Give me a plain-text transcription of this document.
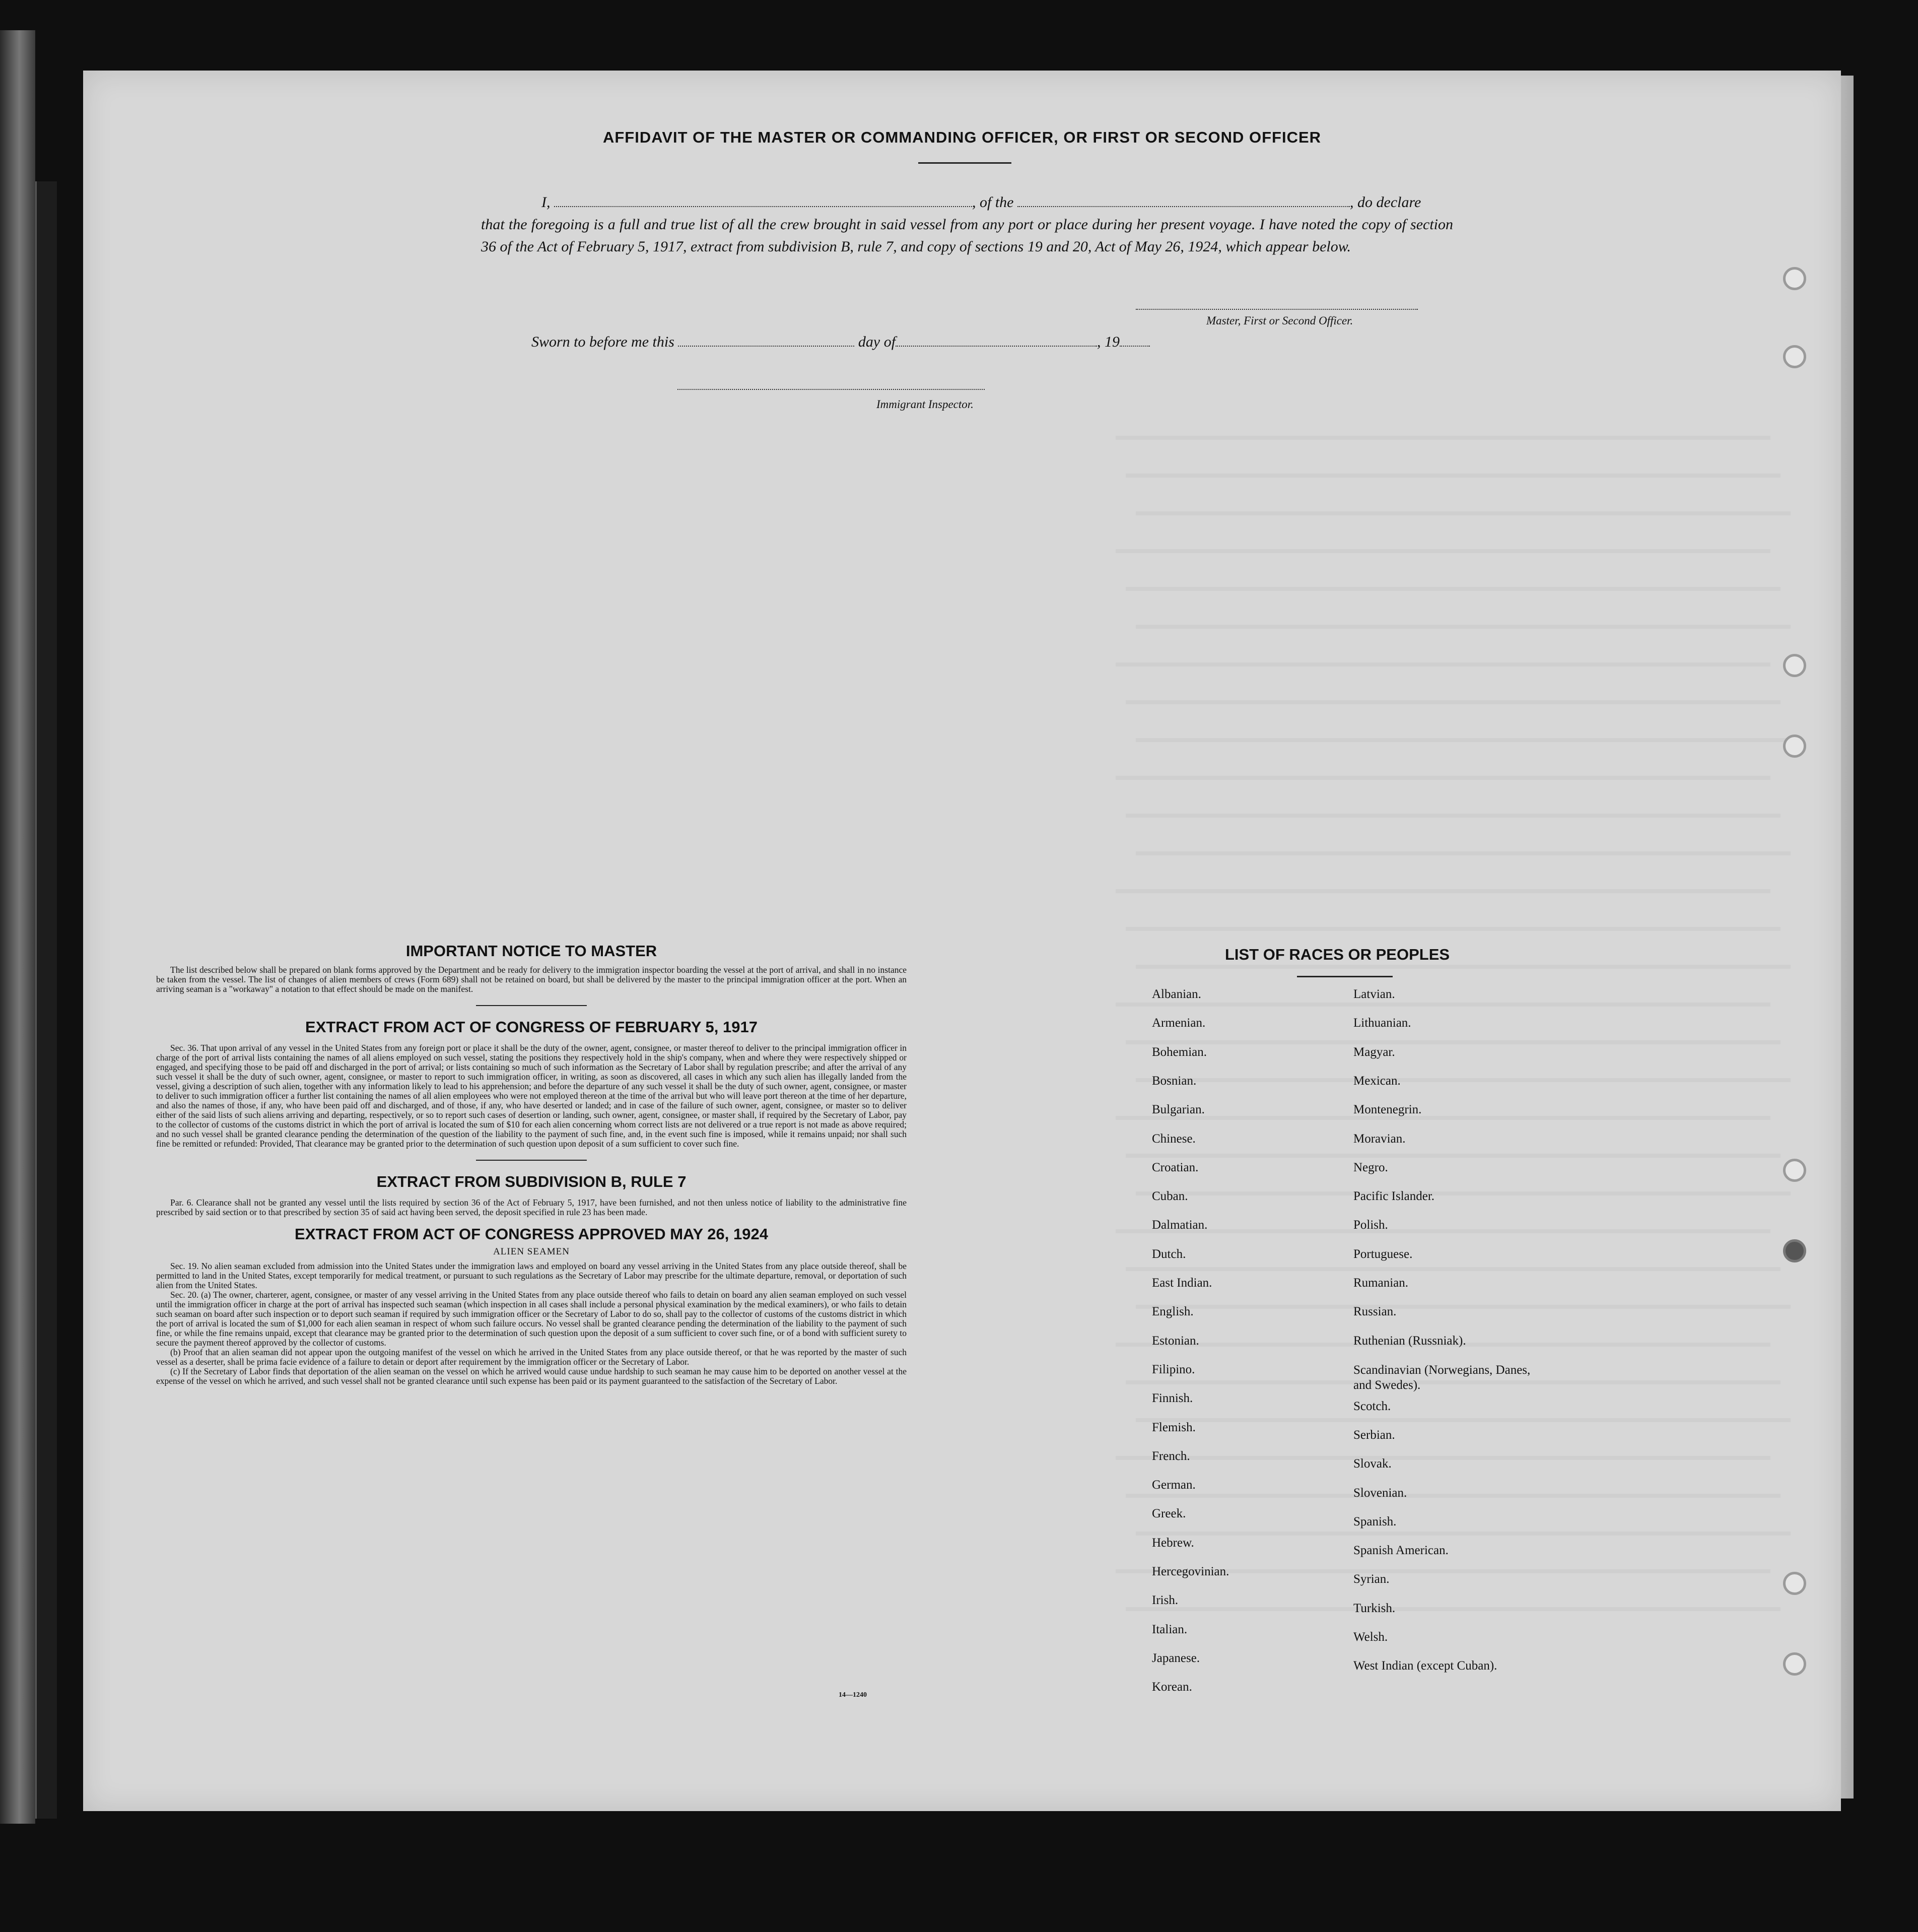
AFFIDAVIT OF THE MASTER OR COMMANDING OFFICER, OR FIRST OR SECOND OFFICER
I,	, of the	, do declare
that the foregoing is a full and true list of all the crew brought in said vessel from any port or place during her present voyage. I have noted the copy of section 36 of the Act of February 5, 1917, extract from subdivision B, rule 7, and copy of sections 19 and 20, Act of May 26, 1924, which appear below.
Master, First or Second Officer.
Sworn to before me this	day of	, 19
Immigrant Inspector.

IMPORTANT NOTICE TO MASTER

The list described below shall be prepared on blank forms approved by the Department and be ready for delivery to the immigration inspector boarding the vessel at the port of arrival, and shall in no instance be taken from the vessel. The list of changes of alien members of crews (Form 689) shall not be retained on board, but shall be delivered by the master to the principal immigration officer at the port. When an arriving seaman is a "workaway" a notation to that effect should be made on the manifest.

EXTRACT FROM ACT OF CONGRESS OF FEBRUARY 5, 1917

Sec. 36. That upon arrival of any vessel in the United States from any foreign port or place it shall be the duty of the owner, agent, consignee, or master thereof to deliver to the principal immigration officer in charge of the port of arrival lists containing the names of all aliens employed on such vessel, stating the positions they respectively hold in the ship's company, when and where they were respectively shipped or engaged, and specifying those to be paid off and discharged in the port of arrival; or lists containing so much of such information as the Secretary of Labor shall by regulation prescribe; and after the arrival of any such vessel it shall be the duty of such owner, agent, consignee, or master to report to such immigration officer, in writing, as soon as discovered, all cases in which any such alien has illegally landed from the vessel, giving a description of such alien, together with any information likely to lead to his apprehension; and before the departure of any such vessel it shall be the duty of such owner, agent, consignee, or master to deliver to such immigration officer a further list containing the names of all alien employees who were not employed thereon at the time of the arrival but who will leave port thereon at the time of her departure, and also the names of those, if any, who have been paid off and discharged, and of those, if any, who have deserted or landed; and in case of the failure of such owner, agent, consignee, or master so to deliver either of the said lists of such aliens arriving and departing, respectively, or so to report such cases of desertion or landing, such owner, agent, consignee, or master shall, if required by the Secretary of Labor, pay to the collector of customs of the customs district in which the port of arrival is located the sum of $10 for each alien concerning whom correct lists are not delivered or a true report is not made as above required; and no such vessel shall be granted clearance pending the determination of the question of the liability to the payment of such fine, and, in the event such fine is imposed, while it remains unpaid; nor shall such fine be remitted or refunded: Provided, That clearance may be granted prior to the determination of such question upon deposit of a sum sufficient to cover such fine.

EXTRACT FROM SUBDIVISION B, RULE 7

Par. 6. Clearance shall not be granted any vessel until the lists required by section 36 of the Act of February 5, 1917, have been furnished, and not then unless notice of liability to the administrative fine prescribed by said section or to that prescribed by section 35 of said act having been served, the deposit specified in rule 23 has been made.

EXTRACT FROM ACT OF CONGRESS APPROVED MAY 26, 1924

ALIEN SEAMEN

Sec. 19. No alien seaman excluded from admission into the United States under the immigration laws and employed on board any vessel arriving in the United States from any place outside thereof, shall be permitted to land in the United States, except temporarily for medical treatment, or pursuant to such regulations as the Secretary of Labor may prescribe for the ultimate departure, removal, or deportation of such alien from the United States.

Sec. 20. (a) The owner, charterer, agent, consignee, or master of any vessel arriving in the United States from any place outside thereof who fails to detain on board any alien seaman employed on such vessel until the immigration officer in charge at the port of arrival has inspected such seaman (which inspection in all cases shall include a personal physical examination by the medical examiners), or who fails to detain such seaman on board after such inspection or to deport such seaman if required by such immigration officer or the Secretary of Labor to do so, shall pay to the collector of customs of the customs district in which the port of arrival is located the sum of $1,000 for each alien seaman in respect of whom such failure occurs. No vessel shall be granted clearance pending the determination of the liability to the payment of such fine, or while the fine remains unpaid, except that clearance may be granted prior to the determination of such question upon the deposit of a sum sufficient to cover such fine, or of a bond with sufficient surety to secure the payment thereof approved by the collector of customs.

(b) Proof that an alien seaman did not appear upon the outgoing manifest of the vessel on which he arrived in the United States from any place outside thereof, or that he was reported by the master of such vessel as a deserter, shall be prima facie evidence of a failure to detain or deport after requirement by the immigration officer or the Secretary of Labor.

(c) If the Secretary of Labor finds that deportation of the alien seaman on the vessel on which he arrived would cause undue hardship to such seaman he may cause him to be deported on another vessel at the expense of the vessel on which he arrived, and such vessel shall not be granted clearance until such expense has been paid or its payment guaranteed to the satisfaction of the Secretary of Labor.

14—1240
LIST OF RACES OR PEOPLES
Albanian.
Armenian.
Bohemian.
Bosnian.
Bulgarian.
Chinese.
Croatian.
Cuban.
Dalmatian.
Dutch.
East Indian.
English.
Estonian.
Filipino.
Finnish.
Flemish.
French.
German.
Greek.
Hebrew.
Hercegovinian.
Irish.
Italian.
Japanese.
Korean.
Latvian.
Lithuanian.
Magyar.
Mexican.
Montenegrin.
Moravian.
Negro.
Pacific Islander.
Polish.
Portuguese.
Rumanian.
Russian.
Ruthenian (Russniak).
Scandinavian (Norwegians, Danes, and Swedes).
Scotch.
Serbian.
Slovak.
Slovenian.
Spanish.
Spanish American.
Syrian.
Turkish.
Welsh.
West Indian (except Cuban).
